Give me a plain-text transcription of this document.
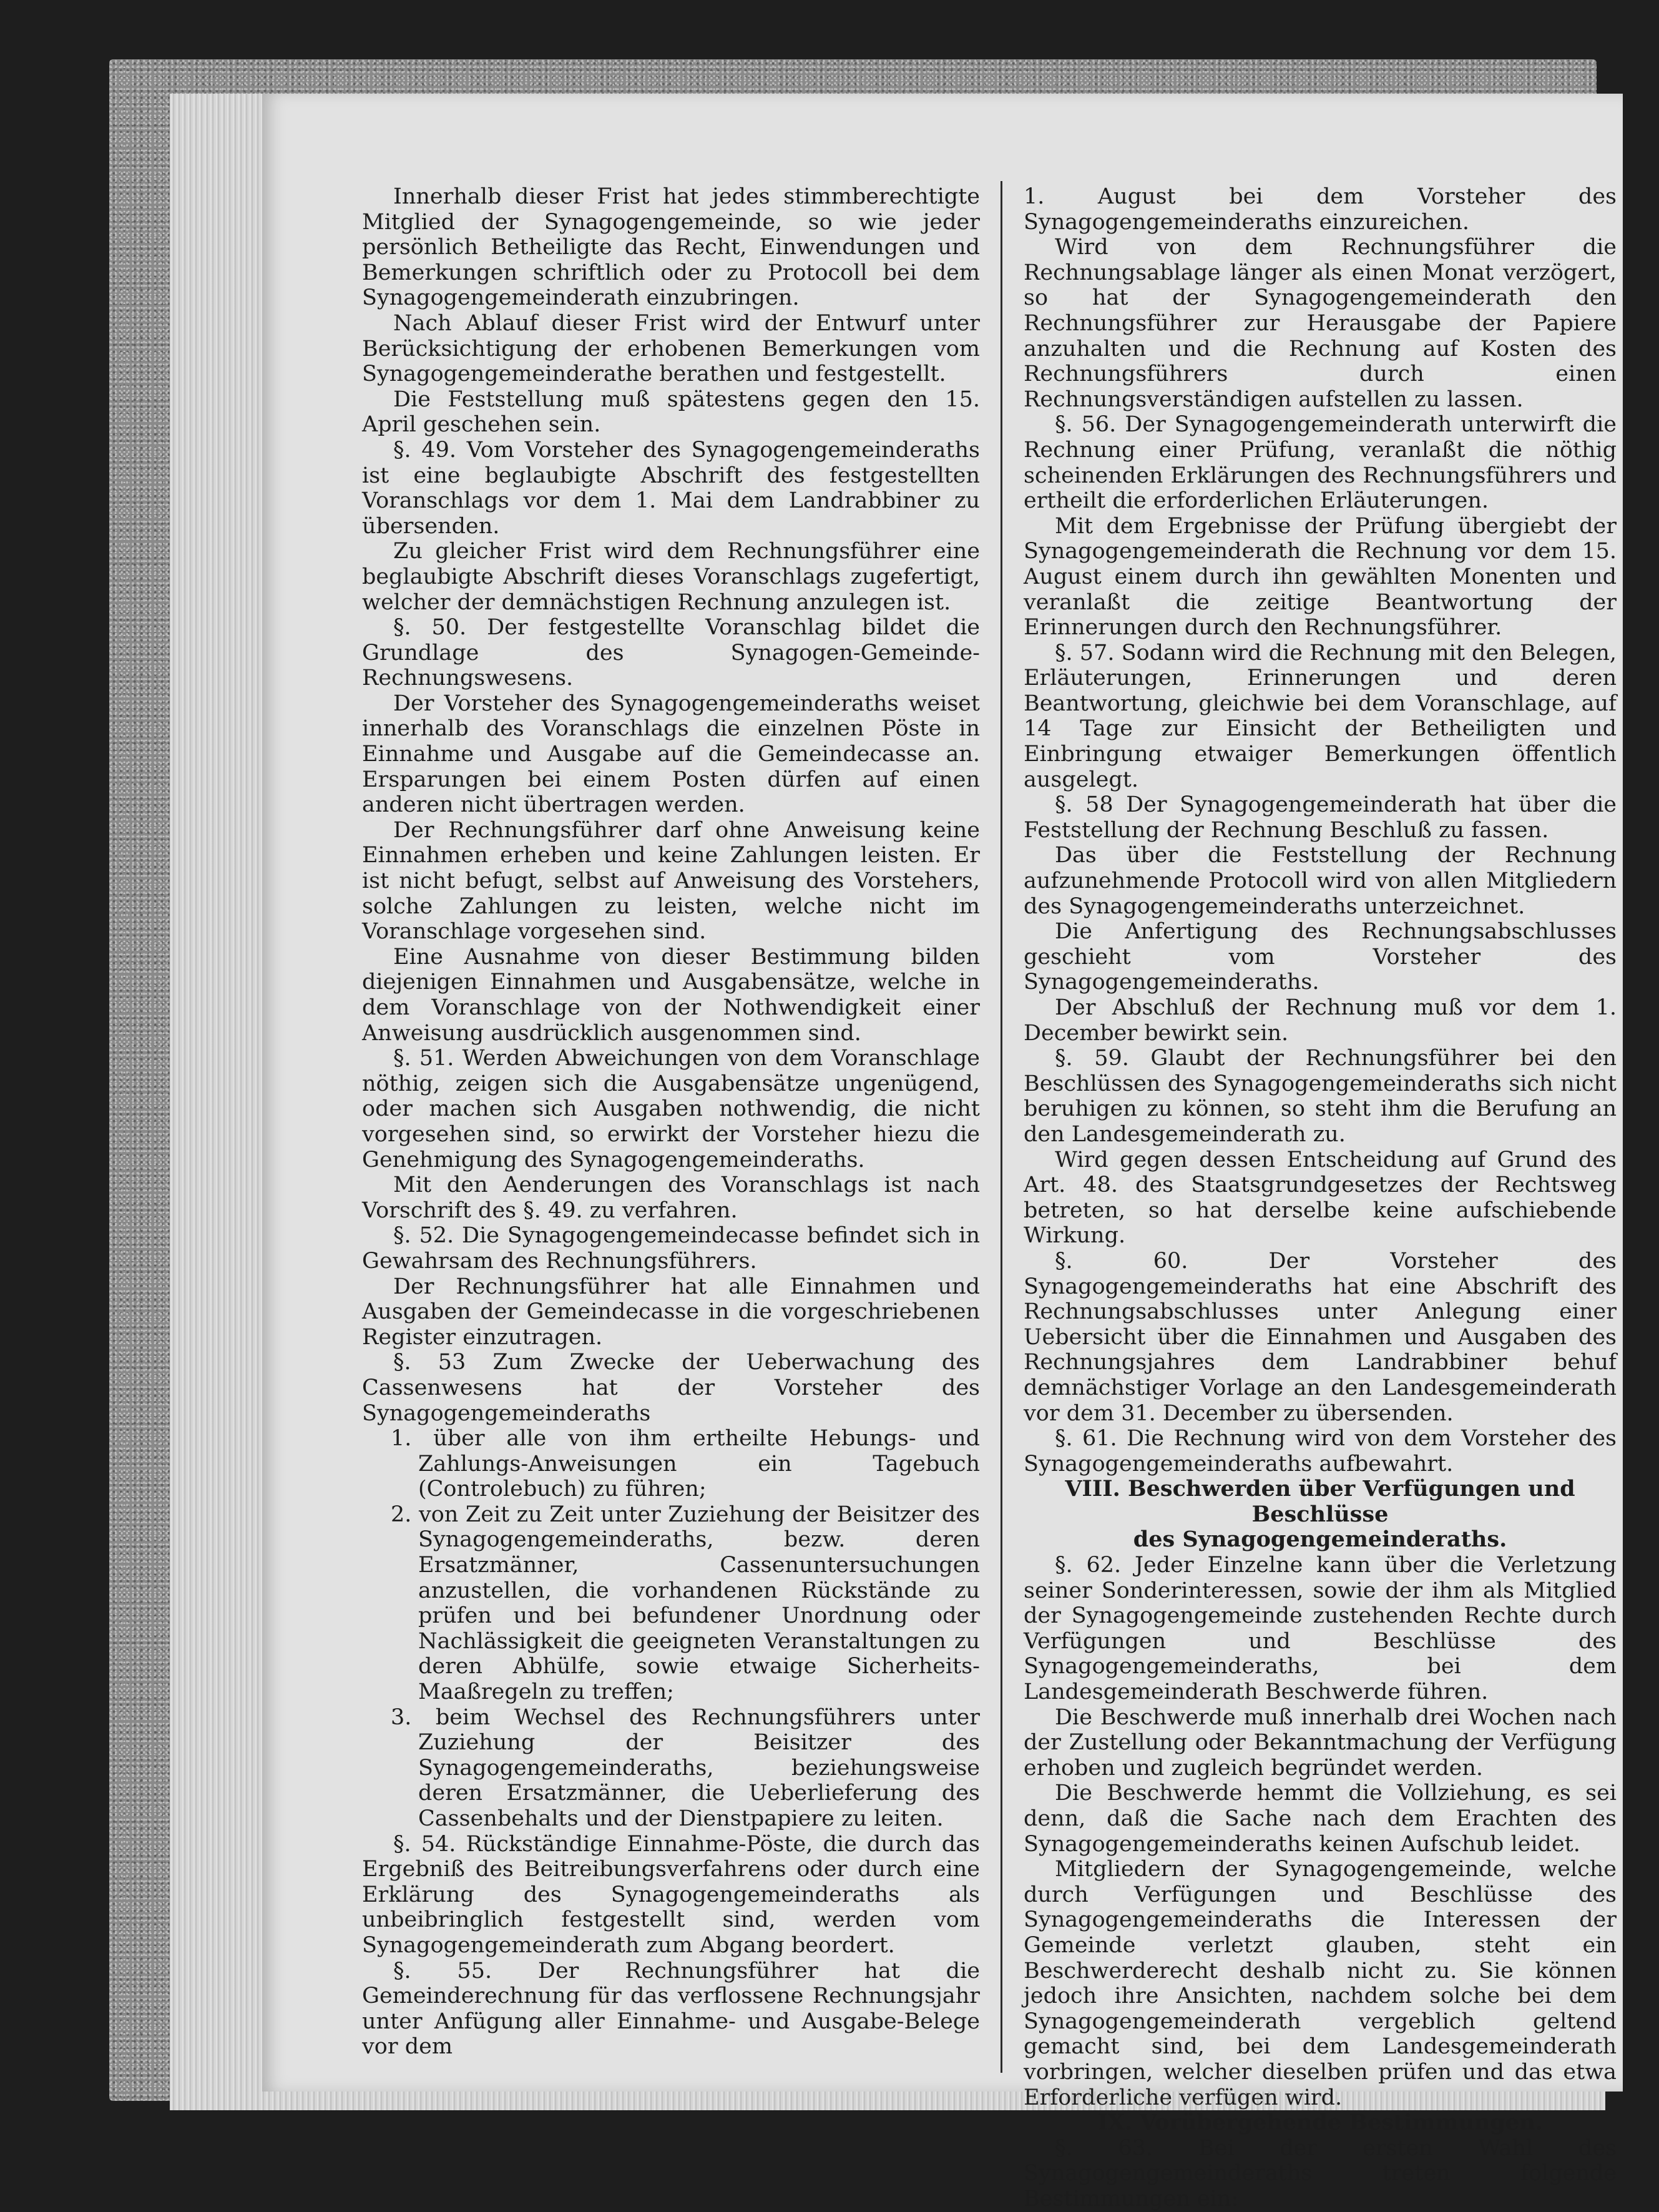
Innerhalb dieser Frist hat jedes stimmberechtigte Mitglied der Synagogengemeinde, so wie jeder persönlich Betheiligte das Recht, Einwendungen und Bemerkungen schriftlich oder zu Protocoll bei dem Synagogengemeinderath einzubringen.

Nach Ablauf dieser Frist wird der Entwurf unter Berücksichtigung der erhobenen Bemerkungen vom Synagogengemeinderathe berathen und festgestellt.

Die Feststellung muß spätestens gegen den 15. April geschehen sein.

§. 49. Vom Vorsteher des Synagogengemeinderaths ist eine beglaubigte Abschrift des festgestellten Voranschlags vor dem 1. Mai dem Landrabbiner zu übersenden.

Zu gleicher Frist wird dem Rechnungsführer eine beglaubigte Abschrift dieses Voranschlags zugefertigt, welcher der demnächstigen Rechnung anzulegen ist.

§. 50. Der festgestellte Voranschlag bildet die Grundlage des Synagogen-Gemeinde-Rechnungswesens.

Der Vorsteher des Synagogengemeinderaths weiset innerhalb des Voranschlags die einzelnen Pöste in Einnahme und Ausgabe auf die Gemeindecasse an. Ersparungen bei einem Posten dürfen auf einen anderen nicht übertragen werden.

Der Rechnungsführer darf ohne Anweisung keine Einnahmen erheben und keine Zahlungen leisten. Er ist nicht befugt, selbst auf Anweisung des Vorstehers, solche Zahlungen zu leisten, welche nicht im Voranschlage vorgesehen sind.

Eine Ausnahme von dieser Bestimmung bilden diejenigen Einnahmen und Ausgabensätze, welche in dem Voranschlage von der Nothwendigkeit einer Anweisung ausdrücklich ausgenommen sind.

§. 51. Werden Abweichungen von dem Voranschlage nöthig, zeigen sich die Ausgabensätze ungenügend, oder machen sich Ausgaben nothwendig, die nicht vorgesehen sind, so erwirkt der Vorsteher hiezu die Genehmigung des Synagogengemeinderaths.

Mit den Aenderungen des Voranschlags ist nach Vorschrift des §. 49. zu verfahren.

§. 52. Die Synagogengemeindecasse befindet sich in Gewahrsam des Rechnungsführers.

Der Rechnungsführer hat alle Einnahmen und Ausgaben der Gemeindecasse in die vorgeschriebenen Register einzutragen.

§. 53 Zum Zwecke der Ueberwachung des Cassenwesens hat der Vorsteher des Synagogengemeinderaths

1. über alle von ihm ertheilte Hebungs- und Zahlungs-Anweisungen ein Tagebuch (Controlebuch) zu führen;

2. von Zeit zu Zeit unter Zuziehung der Beisitzer des Synagogengemeinderaths, bezw. deren Ersatzmänner, Cassenuntersuchungen anzustellen, die vorhandenen Rückstände zu prüfen und bei befundener Unordnung oder Nachlässigkeit die geeigneten Veranstaltungen zu deren Abhülfe, sowie etwaige Sicherheits-Maaßregeln zu treffen;

3. beim Wechsel des Rechnungsführers unter Zuziehung der Beisitzer des Synagogengemeinderaths, beziehungsweise deren Ersatzmänner, die Ueberlieferung des Cassenbehalts und der Dienstpapiere zu leiten.

§. 54. Rückständige Einnahme-Pöste, die durch das Ergebniß des Beitreibungsverfahrens oder durch eine Erklärung des Synagogengemeinderaths als unbeibringlich festgestellt sind, werden vom Synagogengemeinderath zum Abgang beordert.

§. 55. Der Rechnungsführer hat die Gemeinderechnung für das verflossene Rechnungsjahr unter Anfügung aller Einnahme- und Ausgabe-Belege vor dem

1. August bei dem Vorsteher des Synagogengemeinderaths einzureichen.

Wird von dem Rechnungsführer die Rechnungsablage länger als einen Monat verzögert, so hat der Synagogengemeinderath den Rechnungsführer zur Herausgabe der Papiere anzuhalten und die Rechnung auf Kosten des Rechnungsführers durch einen Rechnungsverständigen aufstellen zu lassen.

§. 56. Der Synagogengemeinderath unterwirft die Rechnung einer Prüfung, veranlaßt die nöthig scheinenden Erklärungen des Rechnungsführers und ertheilt die erforderlichen Erläuterungen.

Mit dem Ergebnisse der Prüfung übergiebt der Synagogengemeinderath die Rechnung vor dem 15. August einem durch ihn gewählten Monenten und veranlaßt die zeitige Beantwortung der Erinnerungen durch den Rechnungsführer.

§. 57. Sodann wird die Rechnung mit den Belegen, Erläuterungen, Erinnerungen und deren Beantwortung, gleichwie bei dem Voranschlage, auf 14 Tage zur Einsicht der Betheiligten und Einbringung etwaiger Bemerkungen öffentlich ausgelegt.

§. 58 Der Synagogengemeinderath hat über die Feststellung der Rechnung Beschluß zu fassen.

Das über die Feststellung der Rechnung aufzunehmende Protocoll wird von allen Mitgliedern des Synagogengemeinderaths unterzeichnet.

Die Anfertigung des Rechnungsabschlusses geschieht vom Vorsteher des Synagogengemeinderaths.

Der Abschluß der Rechnung muß vor dem 1. December bewirkt sein.

§. 59. Glaubt der Rechnungsführer bei den Beschlüssen des Synagogengemeinderaths sich nicht beruhigen zu können, so steht ihm die Berufung an den Landesgemeinderath zu.

Wird gegen dessen Entscheidung auf Grund des Art. 48. des Staatsgrundgesetzes der Rechtsweg betreten, so hat derselbe keine aufschiebende Wirkung.

§. 60. Der Vorsteher des Synagogengemeinderaths hat eine Abschrift des Rechnungsabschlusses unter Anlegung einer Uebersicht über die Einnahmen und Ausgaben des Rechnungsjahres dem Landrabbiner behuf demnächstiger Vorlage an den Landesgemeinderath vor dem 31. December zu übersenden.

§. 61. Die Rechnung wird von dem Vorsteher des Synagogengemeinderaths aufbewahrt.

VIII. Beschwerden über Verfügungen und Beschlüsse

des Synagogengemeinderaths.

§. 62. Jeder Einzelne kann über die Verletzung seiner Sonderinteressen, sowie der ihm als Mitglied der Synagogengemeinde zustehenden Rechte durch Verfügungen und Beschlüsse des Synagogengemeinderaths, bei dem Landesgemeinderath Beschwerde führen.

Die Beschwerde muß innerhalb drei Wochen nach der Zustellung oder Bekanntmachung der Verfügung erhoben und zugleich begründet werden.

Die Beschwerde hemmt die Vollziehung, es sei denn, daß die Sache nach dem Erachten des Synagogengemeinderaths keinen Aufschub leidet.

Mitgliedern der Synagogengemeinde, welche durch Verfügungen und Beschlüsse des Synagogengemeinderaths die Interessen der Gemeinde verletzt glauben, steht ein Beschwerderecht deshalb nicht zu. Sie können jedoch ihre Ansichten, nachdem solche bei dem Synagogengemeinderath vergeblich geltend gemacht sind, bei dem Landesgemeinderath vorbringen, welcher dieselben prüfen und das etwa Erforderliche verfügen wird.

IX. Vorübergehende Bestimmungen.

§. 63. Bei der ersten Wahl des Synagogengemeinderaths treten folgende Bestimmungen ein:
